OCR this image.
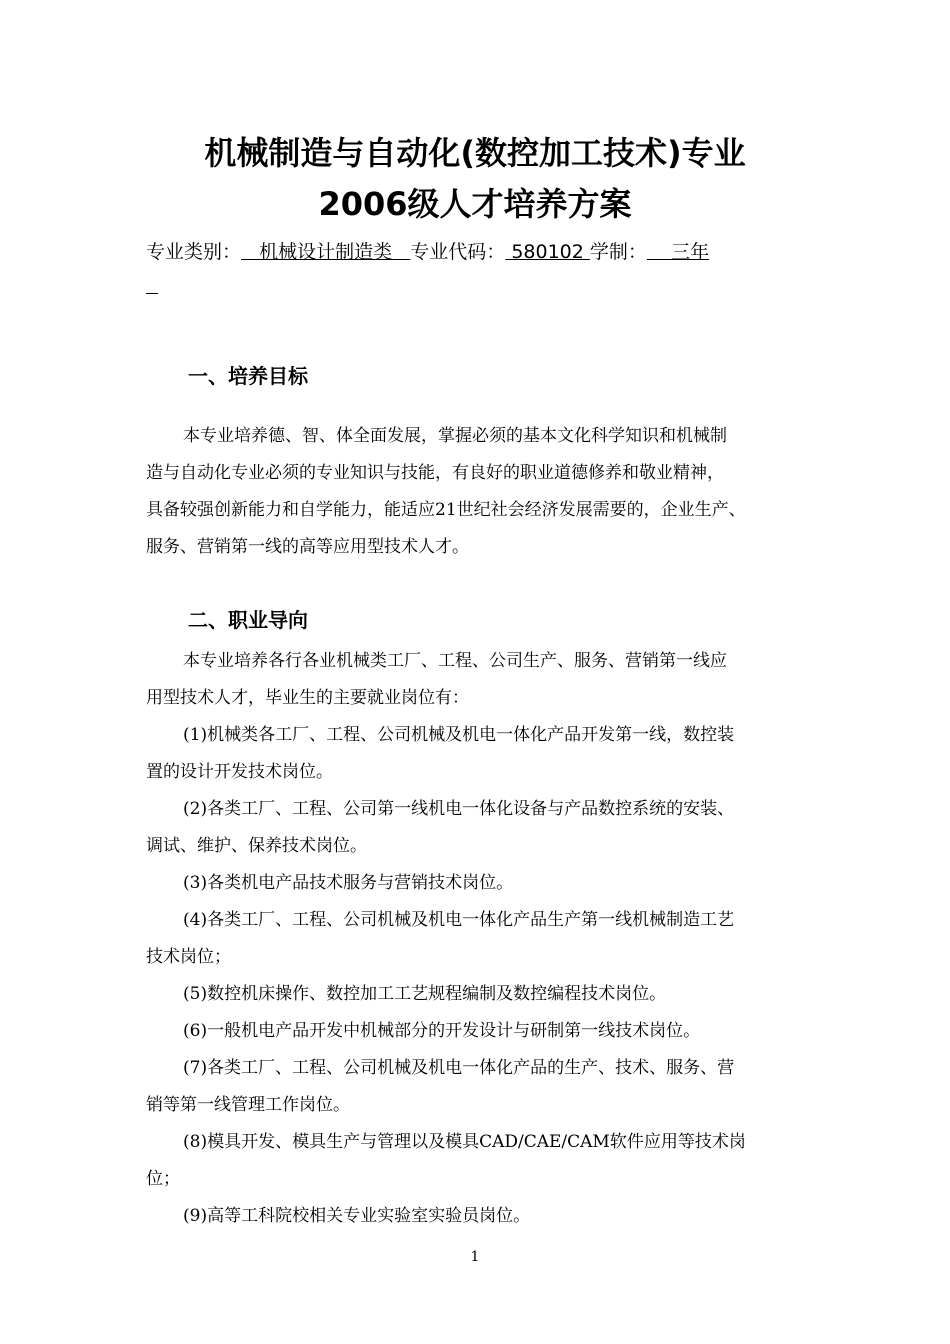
机械制造与自动化(数控加工技术)专业
2006级人才培养方案
专业类别：   机械设计制造类   专业代码： 580102 学制：    三年

一、培养目标
本专业培养德、智、体全面发展，掌握必须的基本文化科学知识和机械制
造与自动化专业必须的专业知识与技能，有良好的职业道德修养和敬业精神，
具备较强创新能力和自学能力，能适应21世纪社会经济发展需要的，企业生产、
服务、营销第一线的高等应用型技术人才。
二、职业导向
本专业培养各行各业机械类工厂、工程、公司生产、服务、营销第一线应
用型技术人才，毕业生的主要就业岗位有：
(1)机械类各工厂、工程、公司机械及机电一体化产品开发第一线，数控装
置的设计开发技术岗位。
(2)各类工厂、工程、公司第一线机电一体化设备与产品数控系统的安装、
调试、维护、保养技术岗位。
(3)各类机电产品技术服务与营销技术岗位。
(4)各类工厂、工程、公司机械及机电一体化产品生产第一线机械制造工艺
技术岗位；
(5)数控机床操作、数控加工工艺规程编制及数控编程技术岗位。
(6)一般机电产品开发中机械部分的开发设计与研制第一线技术岗位。
(7)各类工厂、工程、公司机械及机电一体化产品的生产、技术、服务、营
销等第一线管理工作岗位。
(8)模具开发、模具生产与管理以及模具CAD/CAE/CAM软件应用等技术岗
位；
(9)高等工科院校相关专业实验室实验员岗位。
1
